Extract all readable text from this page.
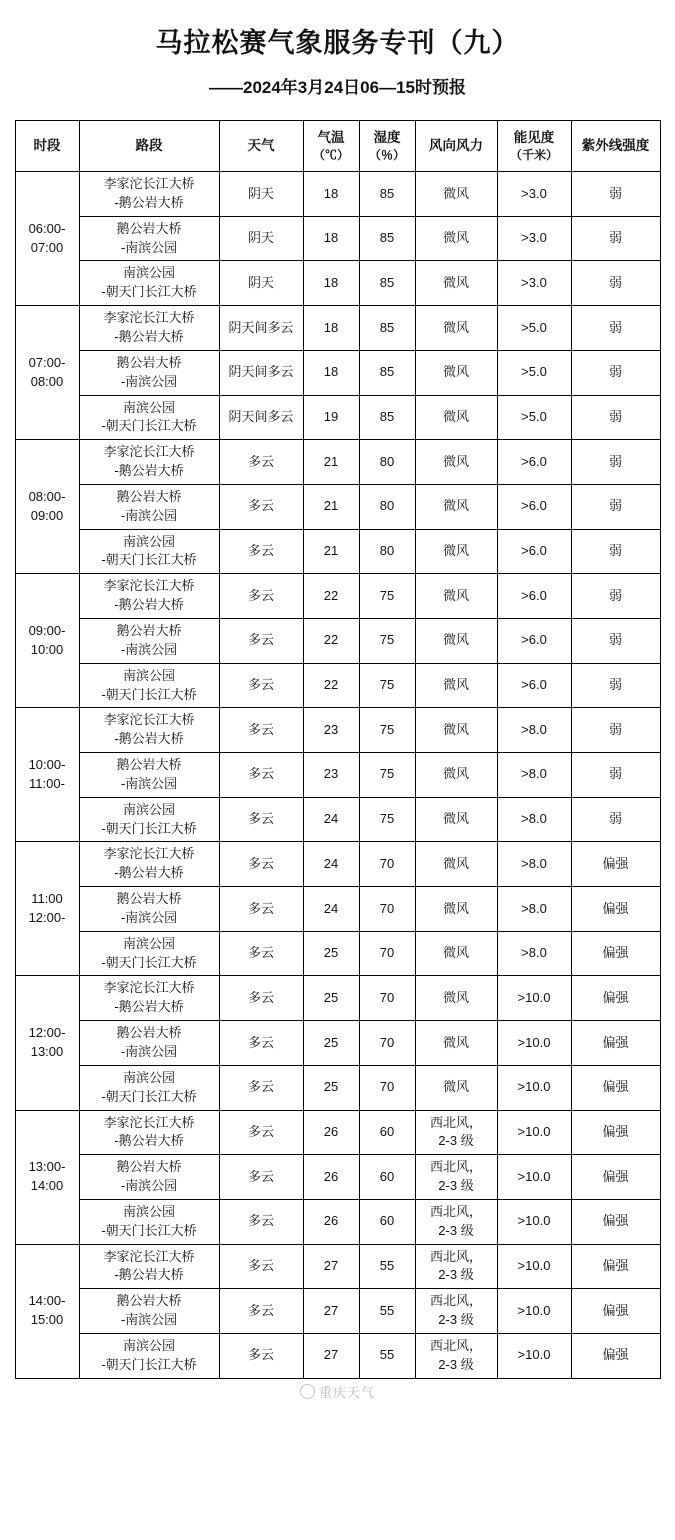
马拉松赛气象服务专刊（九）
——2024年3月24日06—15时预报
时段	路段	天气	气温
（℃）	湿度
（％）	风向风力	能见度
（千米）	紫外线强度

06:00-
07:00	李家沱长江大桥
-鹅公岩大桥	阴天	18	85	微风	>3.0	弱

	鹅公岩大桥
-南滨公园	阴天	18	85	微风	>3.0	弱

	南滨公园
-朝天门长江大桥	阴天	18	85	微风	>3.0	弱

07:00-
08:00	李家沱长江大桥
-鹅公岩大桥	阴天间多云	18	85	微风	>5.0	弱

	鹅公岩大桥
-南滨公园	阴天间多云	18	85	微风	>5.0	弱

	南滨公园
-朝天门长江大桥	阴天间多云	19	85	微风	>5.0	弱

08:00-
09:00	李家沱长江大桥
-鹅公岩大桥	多云	21	80	微风	>6.0	弱

	鹅公岩大桥
-南滨公园	多云	21	80	微风	>6.0	弱

	南滨公园
-朝天门长江大桥	多云	21	80	微风	>6.0	弱

09:00-
10:00	李家沱长江大桥
-鹅公岩大桥	多云	22	75	微风	>6.0	弱

	鹅公岩大桥
-南滨公园	多云	22	75	微风	>6.0	弱

	南滨公园
-朝天门长江大桥	多云	22	75	微风	>6.0	弱

10:00-
11:00-	李家沱长江大桥
-鹅公岩大桥	多云	23	75	微风	>8.0	弱

	鹅公岩大桥
-南滨公园	多云	23	75	微风	>8.0	弱

	南滨公园
-朝天门长江大桥	多云	24	75	微风	>8.0	弱

11:00
12:00-	李家沱长江大桥
-鹅公岩大桥	多云	24	70	微风	>8.0	偏强

	鹅公岩大桥
-南滨公园	多云	24	70	微风	>8.0	偏强

	南滨公园
-朝天门长江大桥	多云	25	70	微风	>8.0	偏强

12:00-
13:00	李家沱长江大桥
-鹅公岩大桥	多云	25	70	微风	>10.0	偏强

	鹅公岩大桥
-南滨公园	多云	25	70	微风	>10.0	偏强

	南滨公园
-朝天门长江大桥	多云	25	70	微风	>10.0	偏强

13:00-
14:00	李家沱长江大桥
-鹅公岩大桥	多云	26	60	西北风，
2-3 级	>10.0	偏强

	鹅公岩大桥
-南滨公园	多云	26	60	西北风，
2-3 级	>10.0	偏强

	南滨公园
-朝天门长江大桥	多云	26	60	西北风，
2-3 级	>10.0	偏强

14:00-
15:00	李家沱长江大桥
-鹅公岩大桥	多云	27	55	西北风，
2-3 级	>10.0	偏强

	鹅公岩大桥
-南滨公园	多云	27	55	西北风，
2-3 级	>10.0	偏强

	南滨公园
-朝天门长江大桥	多云	27	55	西北风，
2-3 级	>10.0	偏强
重庆天气
